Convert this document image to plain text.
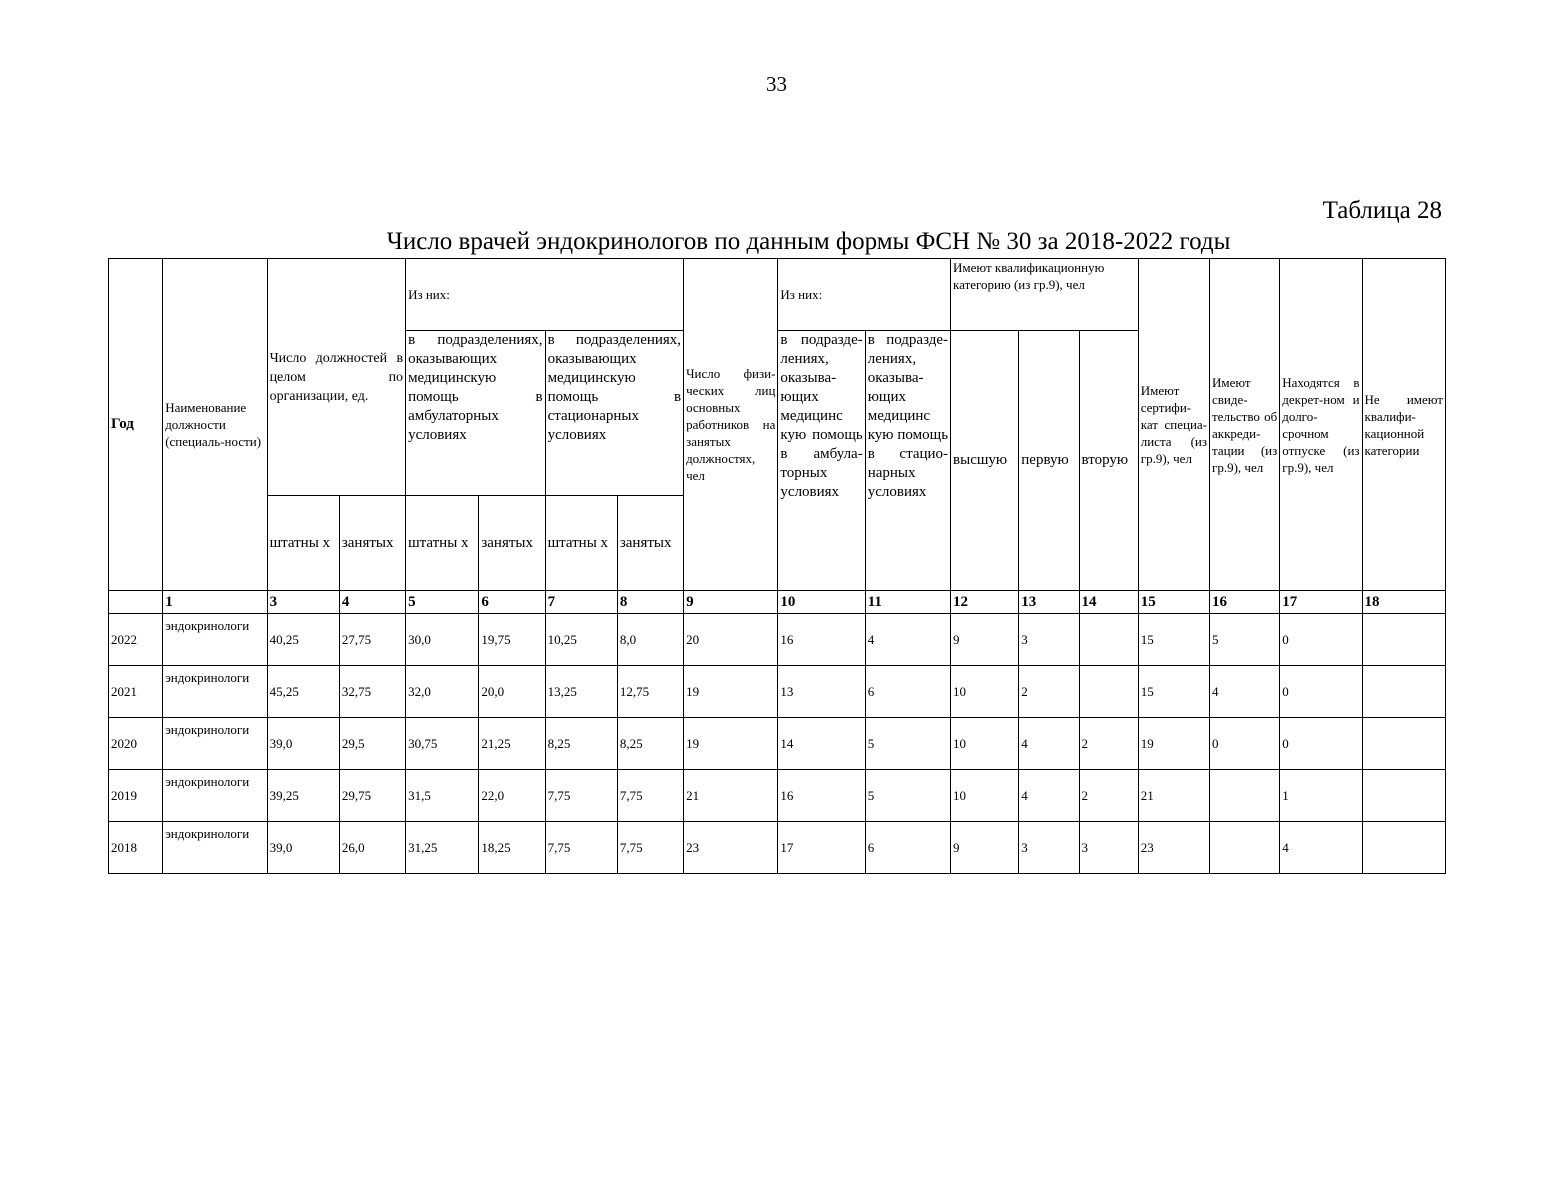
33
Таблица 28
Число врачей эндокринологов по данным формы ФСН № 30 за 2018-2022 годы
Год	Наименование должности (специаль-ности)	Число должностей в целом по организации, ед.		Из них:				Число физи-ческих лиц основных работников на занятых должностях, чел	Из них:		Имеют квалификационную категорию (из гр.9), чел			Имеют сертифи-кат специа-листа (из гр.9), чел	Имеют свиде-тельство об аккреди-тации (из гр.9), чел	Находятся в декрет-ном и долго-срочном отпуске (из гр.9), чел	Не имеют квалифи-кационной категории
				в подразделениях, оказывающих медицинскую помощь в амбулаторных условиях		в подразделениях, оказывающих медицинскую помощь в стационарных условиях			в подразде-лениях, оказыва-ющих медицинс кую помощь в амбула-торных условиях	в подразде-лениях, оказыва-ющих медицинс кую помощь в стацио-нарных условиях	высшую	первую	вторую				
		штатны х	занятых	штатны х	занятых	штатны х	занятых										
	1	3	4	5	6	7	8	9	10	11	12	13	14	15	16	17	18
2022	эндокринологи	40,25	27,75	30,0	19,75	10,25	8,0	20	16	4	9	3		15	5	0	
2021	эндокринологи	45,25	32,75	32,0	20,0	13,25	12,75	19	13	6	10	2		15	4	0	
2020	эндокринологи	39,0	29,5	30,75	21,25	8,25	8,25	19	14	5	10	4	2	19	0	0	
2019	эндокринологи	39,25	29,75	31,5	22,0	7,75	7,75	21	16	5	10	4	2	21		1	
2018	эндокринологи	39,0	26,0	31,25	18,25	7,75	7,75	23	17	6	9	3	3	23		4	
